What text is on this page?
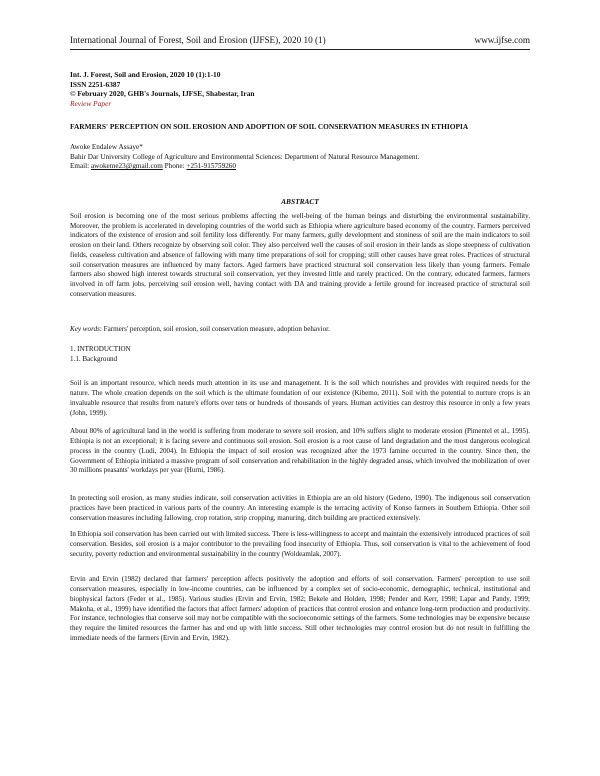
International Journal of Forest, Soil and Erosion (IJFSE), 2020 10 (1)	www.ijfse.com
Int. J. Forest, Soil and Erosion, 2020 10 (1):1-10
ISSN 2251-6387
© February 2020, GHB's Journals, IJFSE, Shabestar, Iran
Review Paper
FARMERS' PERCEPTION ON SOIL EROSION AND ADOPTION OF SOIL CONSERVATION MEASURES IN ETHIOPIA
Awoke Endalew Assaye*
Bahir Dar University College of Agriculture and Environmental Sciences: Department of Natural Resource Management.
Email: awokeme23@gmail.com Phone: +251-915759260
ABSTRACT
Soil erosion is becoming one of the most serious problems affecting the well-being of the human beings and disturbing the environmental sustainability. Moreover, the problem is accelerated in developing countries of the world such as Ethiopia where agriculture based economy of the country. Farmers perceived indicators of the existence of erosion and soil fertility loss differently. For many farmers, gully development and stoniness of soil are the main indicators to soil erosion on their land. Others recognize by observing soil color. They also perceived well the causes of soil erosion in their lands as slope steepness of cultivation fields, ceaseless cultivation and absence of fallowing with many time preparations of soil for cropping; still other causes have great roles. Practices of structural soil conservation measures are influenced by many factors. Aged farmers have practiced structural soil conservation less likely than young farmers. Female farmers also showed high interest towards structural soil conservation, yet they invested little and rarely practiced. On the contrary, educated farmers, farmers involved in off farm jobs, perceiving soil erosion well, having contact with DA and training provide a fertile ground for increased practice of structural soil conservation measures.
Key words: Farmers' perception, soil erosion, soil conservation measure, adoption behavior.
1. INTRODUCTION
1.1. Background
Soil is an important resource, which needs much attention in its use and management. It is the soil which nourishes and provides with required needs for the nature. The whole creation depends on the soil which is the ultimate foundation of our existence (Kibemo, 2011). Soil with the potential to nurture crops is an invaluable resource that results from nature's efforts over tens or hundreds of thousands of years. Human activities can destroy this resource in only a few years (John, 1999).
About 80% of agricultural land in the world is suffering from moderate to severe soil erosion, and 10% suffers slight to moderate erosion (Pimentel et al., 1995). Ethiopia is not an exceptional; it is facing severe and continuous soil erosion. Soil erosion is a root cause of land degradation and the most dangerous ecological process in the country (Ludi, 2004). In Ethiopia the impact of soil erosion was recognized after the 1973 famine occurred in the country. Since then, the Government of Ethiopia initiated a massive program of soil conservation and rehabilitation in the highly degraded areas, which involved the mobilization of over 30 millions peasants' workdays per year (Hurni, 1986).
In protecting soil erosion, as many studies indicate, soil conservation activities in Ethiopia are an old history (Gedeno, 1990). The indigenous soil conservation practices have been practiced in various parts of the country. An interesting example is the terracing activity of Konso farmers in Southern Ethiopia. Other soil conservation measures including fallowing, crop rotation, strip cropping, manuring, ditch building are practiced extensively.
In Ethiopia soil conservation has been carried out with limited success. There is less-willingness to accept and maintain the extensively introduced practices of soil conservation. Besides, soil erosion is a major contributor to the prevailing food insecurity of Ethiopia. Thus, soil conservation is vital to the achievement of food security, poverty reduction and environmental sustainability in the country (Woldeamlak, 2007).
Ervin and Ervin (1982) declared that farmers' perception affects positively the adoption and efforts of soil conservation. Farmers' perception to use soil conservation measures, especially in low-income countries, can be influenced by a complex set of socio-economic, demographic, technical, institutional and biophysical factors (Feder et al., 1985). Various studies (Ervin and Ervin, 1982; Bekele and Holden, 1998; Pender and Kerr, 1998; Lapar and Pandy, 1999; Makoha, et al., 1999) have identified the factors that affect farmers' adoption of practices that control erosion and enhance long-term production and productivity. For instance, technologies that conserve soil may not be compatible with the socioeconomic settings of the farmers. Some technologies may be expensive because they require the limited resources the farmer has and end up with little success. Still other technologies may control erosion but do not result in fulfilling the immediate needs of the farmers (Ervin and Ervin, 1982).
